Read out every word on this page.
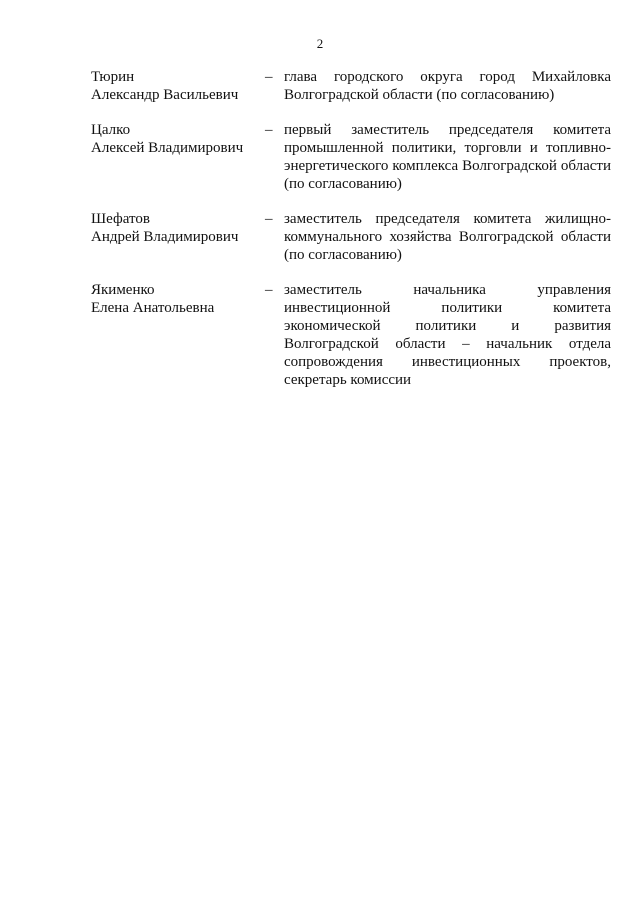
2
Тюрин
Александр Васильевич
– глава городского округа город Михайловка Волгоградской области (по согласованию)
Цалко
Алексей Владимирович
– первый заместитель председателя комитета промышленной политики, торговли и топливно-энергетического комплекса Волгоградской области (по согласованию)
Шефатов
Андрей Владимирович
– заместитель председателя комитета жилищно-коммунального хозяйства Волгоградской области (по согласованию)
Якименко
Елена Анатольевна
– заместитель начальника управления инвестиционной политики комитета экономической политики и развития Волгоградской области – начальник отдела сопровождения инвестиционных проектов, секретарь комиссии
